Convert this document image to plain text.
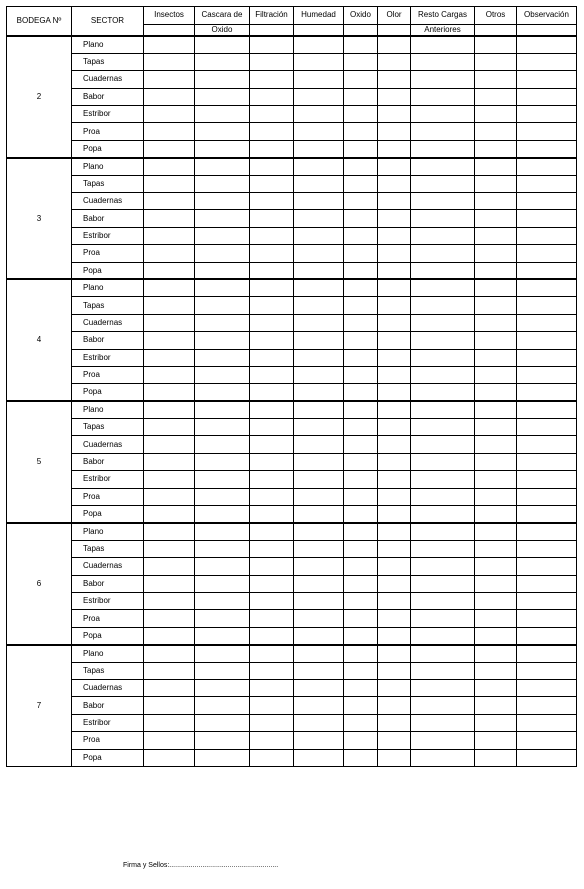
BODEGA Nº	SECTOR	Insectos	Cascara de	Filtración	Humedad	Oxido	Olor	Resto Cargas	Otros	Observación
			Oxido					Anteriores		
2	Plano									
	Tapas									
	Cuadernas									
	Babor									
	Estribor									
	Proa									
	Popa									
3	Plano									
	Tapas									
	Cuadernas									
	Babor									
	Estribor									
	Proa									
	Popa									
4	Plano									
	Tapas									
	Cuadernas									
	Babor									
	Estribor									
	Proa									
	Popa									
5	Plano									
	Tapas									
	Cuadernas									
	Babor									
	Estribor									
	Proa									
	Popa									
6	Plano									
	Tapas									
	Cuadernas									
	Babor									
	Estribor									
	Proa									
	Popa									
7	Plano									
	Tapas									
	Cuadernas									
	Babor									
	Estribor									
	Proa									
	Popa									
Firma y Sellos:........................................................
